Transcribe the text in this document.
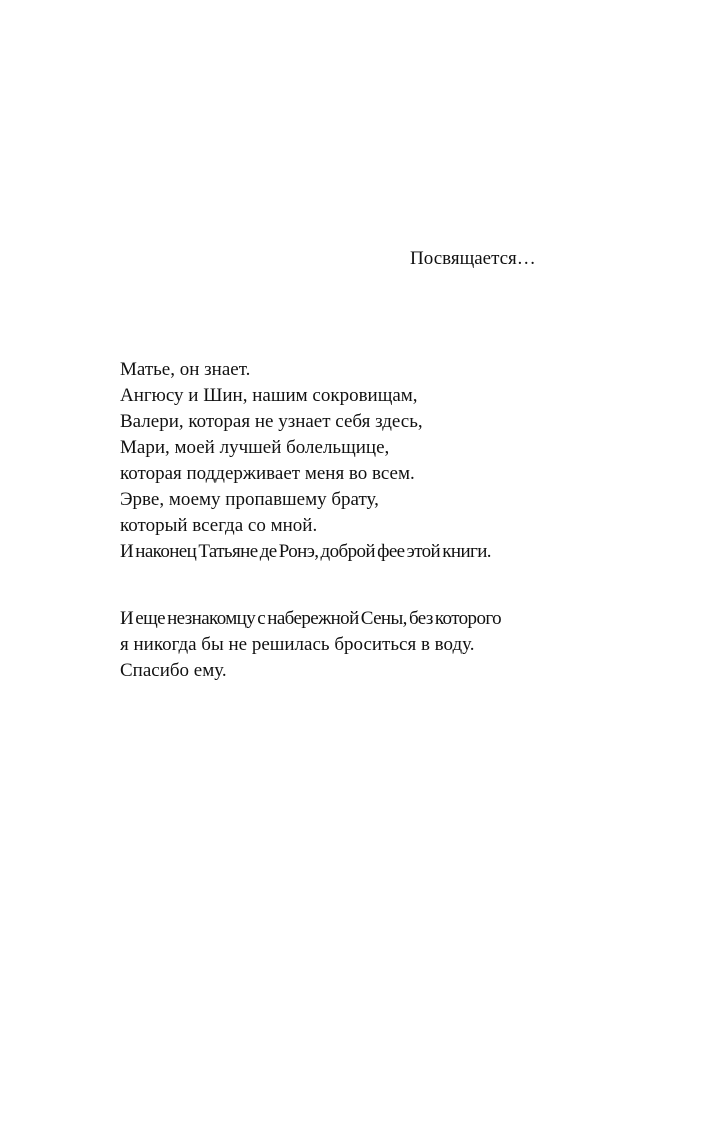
Посвящается…
Матье, он знает.
Ангюсу и Шин, нашим сокровищам,
Валери, которая не узнает себя здесь,
Мари, моей лучшей болельщице,
которая поддерживает меня во всем.
Эрве, моему пропавшему брату,
который всегда со мной.
И наконец Татьяне де Ронэ, доброй фее этой книги.
И еще незнакомцу с набережной Сены, без которого
я никогда бы не решилась броситься в воду.
Спасибо ему.
